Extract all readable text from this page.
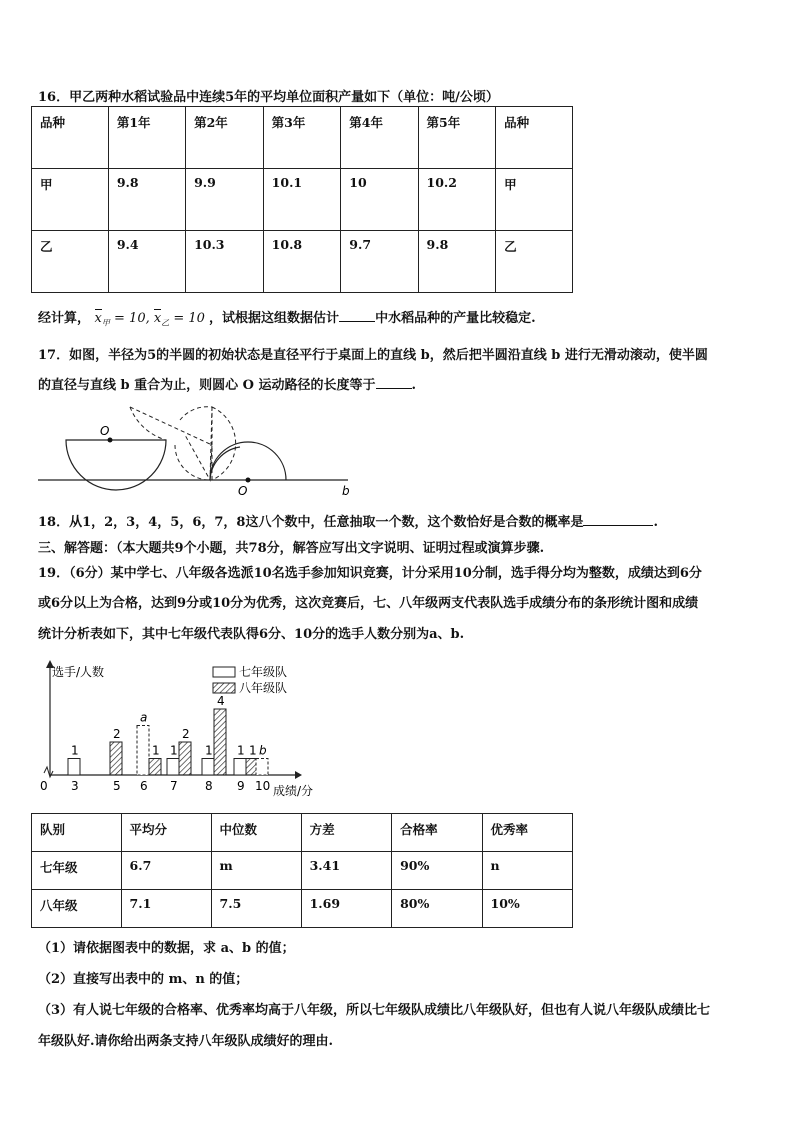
16．甲乙两种水稻试验品中连续5年的平均单位面积产量如下（单位：吨/公顷）
品种	第1年	第2年	第3年	第4年	第5年	品种
甲	9.8	9.9	10.1	10	10.2	甲
乙	9.4	10.3	10.8	9.7	9.8	乙
经计算， $x_甲 = 10$, $x_乙 = 10$ ，试根据这组数据估计	中水稻品种的产量比较稳定.
17．如图，半径为5的半圆的初始状态是直径平行于桌面上的直线 b，然后把半圆沿直线 b 进行无滑动滚动，使半圆
的直径与直线 b 重合为止，则圆心 O 运动路径的长度等于	.
O
O	b
18．从1，2，3，4，5，6，7，8这八个数中，任意抽取一个数，这个数恰好是合数的概率是	.
三、解答题：（本大题共9个小题，共78分，解答应写出文字说明、证明过程或演算步骤.
19．（6分）某中学七、八年级各选派10名选手参加知识竞赛，计分采用10分制，选手得分均为整数，成绩达到6分
或6分以上为合格，达到9分或10分为优秀，这次竞赛后，七、八年级两支代表队选手成绩分布的条形统计图和成绩
统计分析表如下，其中七年级代表队得6分、10分的选手人数分别为a、b.
选手/人数
成绩/分
0 3
1
5
2
6
a
1
7
1
2
8
1
4
9
1 1
10
b
七年级队
八年级队
队别	平均分	中位数	方差	合格率	优秀率
七年级	6.7	m	3.41	90%	n
八年级	7.1	7.5	1.69	80%	10%
（1）请依据图表中的数据，求 a、b 的值；
（2）直接写出表中的 m、n 的值；
（3）有人说七年级的合格率、优秀率均高于八年级，所以七年级队成绩比八年级队好，但也有人说八年级队成绩比七
年级队好.请你给出两条支持八年级队成绩好的理由.
